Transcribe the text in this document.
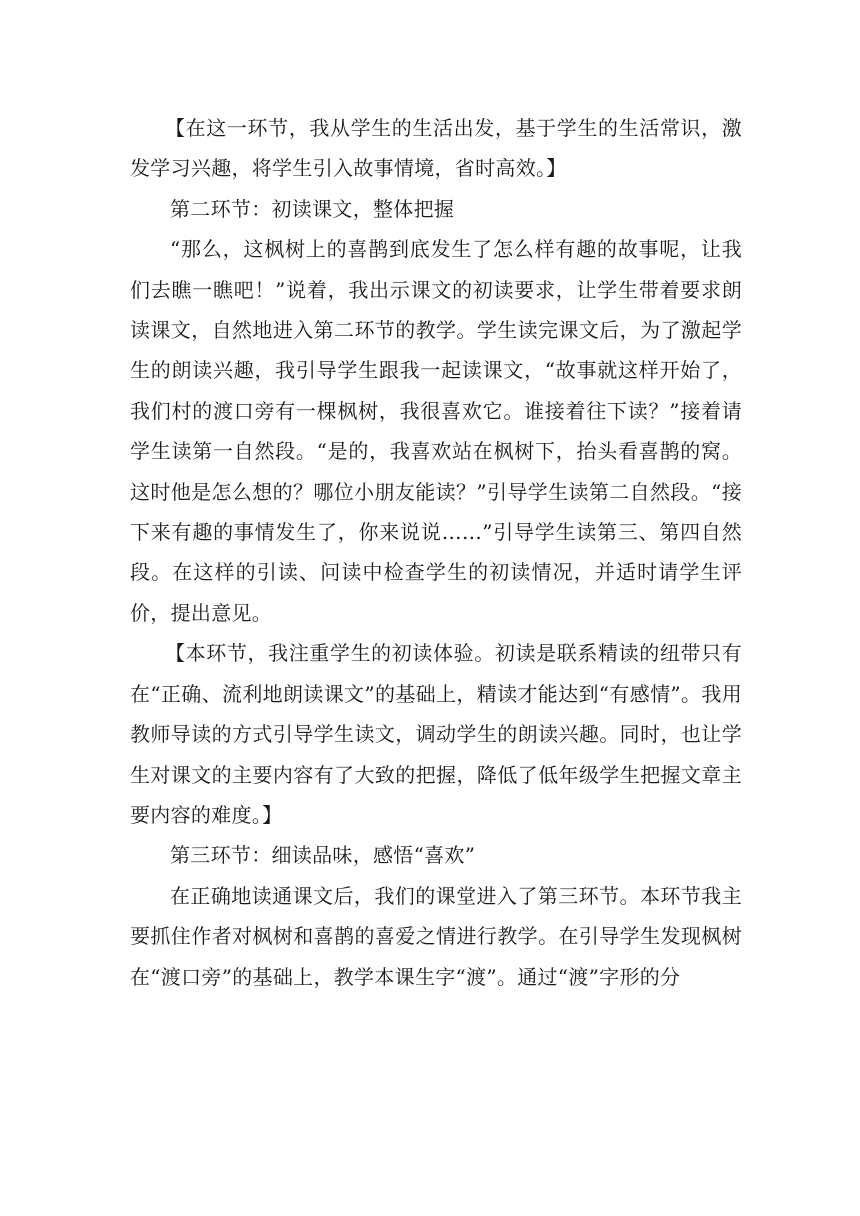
【在这一环节，我从学生的生活出发，基于学生的生活常识，激发学习兴趣，将学生引入故事情境，省时高效。】

第二环节：初读课文，整体把握

“那么，这枫树上的喜鹊到底发生了怎么样有趣的故事呢，让我们去瞧一瞧吧！”说着，我出示课文的初读要求，让学生带着要求朗读课文，自然地进入第二环节的教学。学生读完课文后，为了激起学生的朗读兴趣，我引导学生跟我一起读课文，“故事就这样开始了，我们村的渡口旁有一棵枫树，我很喜欢它。谁接着往下读？”接着请学生读第一自然段。“是的，我喜欢站在枫树下，抬头看喜鹊的窝。这时他是怎么想的？哪位小朋友能读？”引导学生读第二自然段。“接下来有趣的事情发生了，你来说说……”引导学生读第三、第四自然段。在这样的引读、问读中检查学生的初读情况，并适时请学生评价，提出意见。

【本环节，我注重学生的初读体验。初读是联系精读的纽带只有在“正确、流利地朗读课文”的基础上，精读才能达到“有感情”。我用教师导读的方式引导学生读文，调动学生的朗读兴趣。同时，也让学生对课文的主要内容有了大致的把握，降低了低年级学生把握文章主要内容的难度。】

第三环节：细读品味，感悟“喜欢”

在正确地读通课文后，我们的课堂进入了第三环节。本环节我主要抓住作者对枫树和喜鹊的喜爱之情进行教学。在引导学生发现枫树在“渡口旁”的基础上，教学本课生字“渡”。通过“渡”字形的分
